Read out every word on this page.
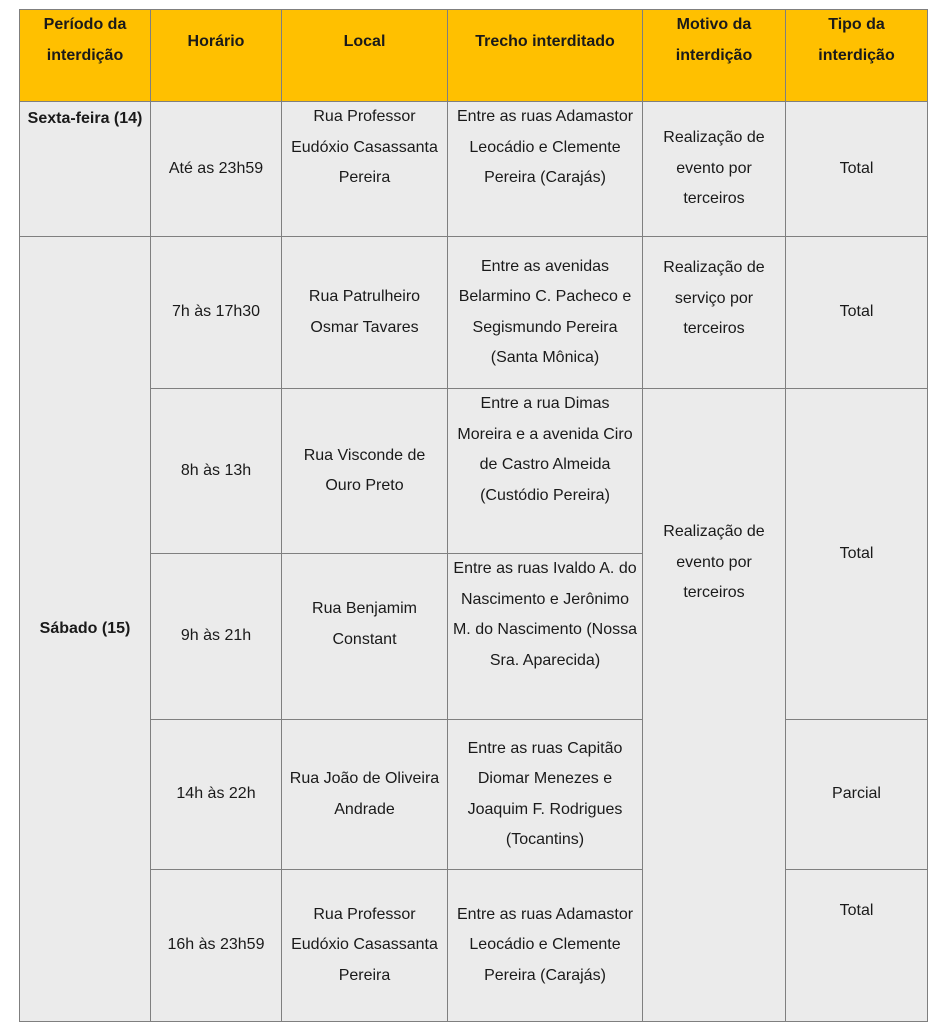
Período da interdição	Horário	Local	Trecho interditado	Motivo da interdição	Tipo da interdição
Sexta-feira (14)	Até as 23h59	Rua Professor Eudóxio Casassanta Pereira	Entre as ruas Adamastor Leocádio e Clemente Pereira (Carajás)	Realização de evento por terceiros	Total
Sábado (15)	7h às 17h30	Rua Patrulheiro Osmar Tavares	Entre as avenidas Belarmino C. Pacheco e Segismundo Pereira (Santa Mônica)	Realização de serviço por terceiros	Total
	8h às 13h	Rua Visconde de Ouro Preto	Entre a rua Dimas Moreira e a avenida Ciro de Castro Almeida (Custódio Pereira)	Realização de evento por terceiros	Total
	9h às 21h	Rua Benjamim Constant	Entre as ruas Ivaldo A. do Nascimento e Jerônimo M. do Nascimento (Nossa Sra. Aparecida)		
	14h às 22h	Rua João de Oliveira Andrade	Entre as ruas Capitão Diomar Menezes e Joaquim F. Rodrigues (Tocantins)		Parcial
	16h às 23h59	Rua Professor Eudóxio Casassanta Pereira	Entre as ruas Adamastor Leocádio e Clemente Pereira (Carajás)		Total
